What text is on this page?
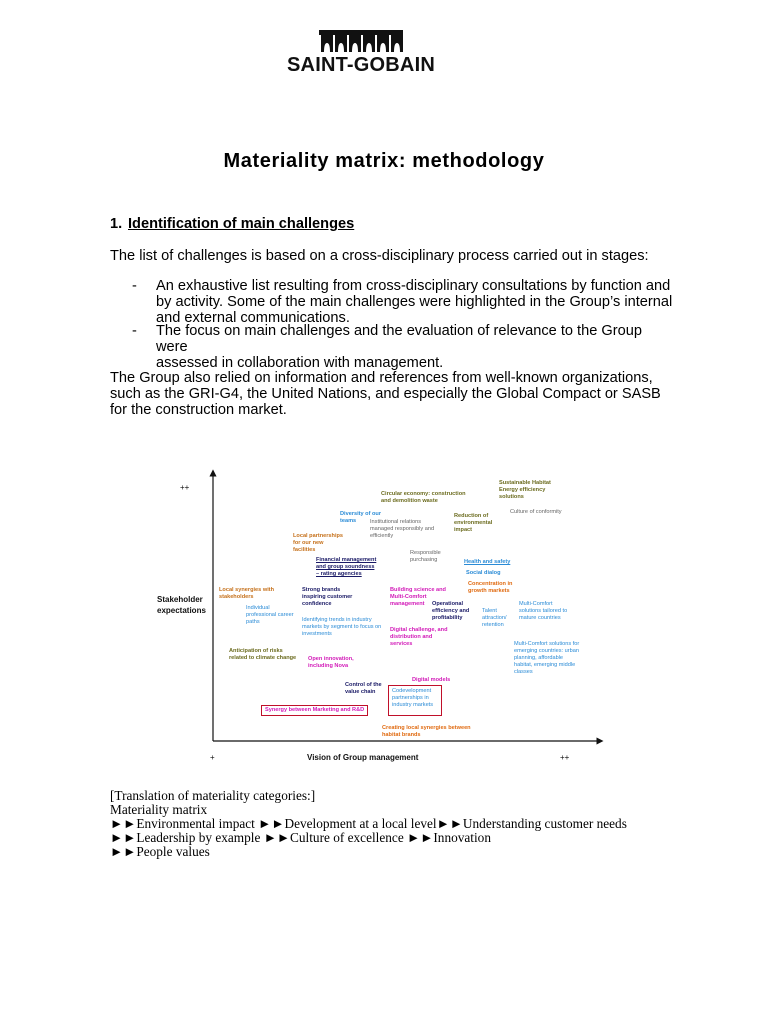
SAINT-GOBAIN
Materiality matrix: methodology
1. Identification of main challenges
The list of challenges is based on a cross-disciplinary process carried out in stages:
- An exhaustive list resulting from cross-disciplinary consultations by function and
by activity. Some of the main challenges were highlighted in the Group’s internal
and external communications.
- The focus on main challenges and the evaluation of relevance to the Group were
assessed in collaboration with management.
The Group also relied on information and references from well-known organizations,
such as the GRI-G4, the United Nations, and especially the Global Compact or SASB
for the construction market.
++
Stakeholder
expectations
+	Vision of Group management	++
Sustainable Habitat
Energy efficiency
solutions
Culture of conformity
Circular economy: construction
and demolition waste
Diversity of our
teams	Institutional relations
managed responsibly and
efficiently
Reduction of
environmental
impact
Local partnerships
for our new
facilities
Financial management
and group soundness
– rating agencies
Responsible
purchasing	Health and safety
Social dialog
Concentration in
growth markets
Local synergies with
stakeholders
Strong brands
inspiring customer
confidence
Building science and
Multi-Comfort
management	Operational
efficiency and
profitability
Talent
attraction/
retention
Multi-Comfort
solutions tailored to
mature countries
Individual
professional career
paths	Identifying trends in industry
markets by segment to focus on
investments
Digital challenge, and
distribution and
services	Multi-Comfort solutions for
emerging countries: urban
planning, affordable
habitat, emerging middle
classes
Anticipation of risks
related to climate change Open innovation,
including Nova
Digital models
Control of the
value chain	Codevelopment
partnerships in
industry markets
Synergy between Marketing and R&D
Creating local synergies between
habitat brands
[Translation of materiality categories:]
Materiality matrix
►►Environmental impact ►►Development at a local level►►Understanding customer needs
►►Leadership by example ►►Culture of excellence ►►Innovation
►►People values
